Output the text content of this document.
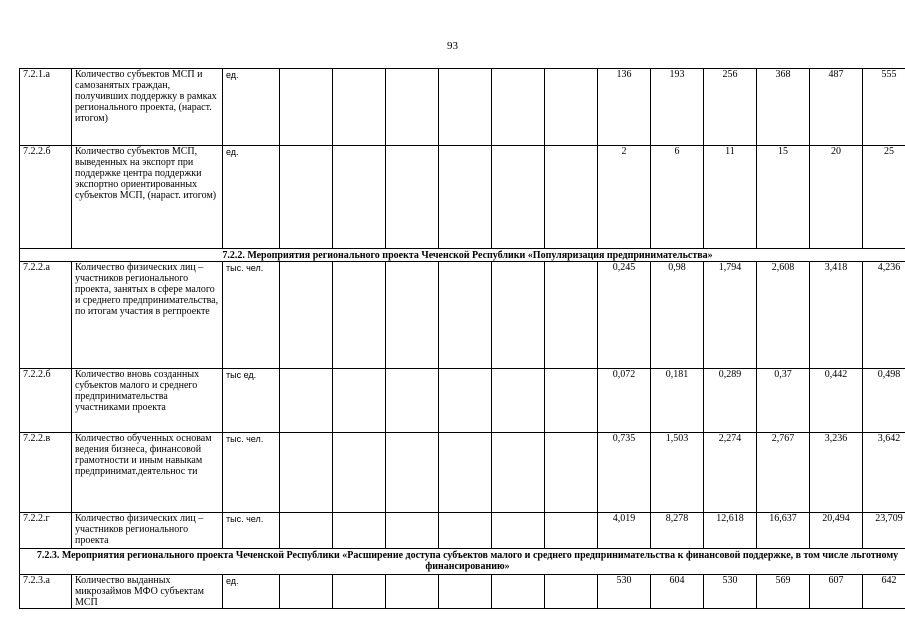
93
7.2.1.а	Количество субъектов МСП и самозанятых граждан, получивших поддержку в рамках регионального проекта, (нараст. итогом)	ед.							136	193	256	368	487	555
7.2.2.б	Количество субъектов МСП, выведенных на экспорт при поддержке центра поддержки экспортно ориентированных субъектов МСП, (нараст. итогом)	ед.							2	6	11	15	20	25
7.2.2. Мероприятия регионального проекта Чеченской Республики «Популяризация предпринимательства»														
7.2.2.а	Количество физических лиц – участников регионального проекта, занятых в сфере малого и среднего предпринимательства, по итогам участия в регпроекте	тыс. чел.							0,245	0,98	1,794	2,608	3,418	4,236
7.2.2.б	Количество вновь созданных субъектов малого и среднего предпринимательства участниками проекта	тыс ед.							0,072	0,181	0,289	0,37	0,442	0,498
7.2.2.в	Количество обученных основам ведения бизнеса, финансовой грамотности и иным навыкам предпринимат.деятельнос ти	тыс. чел.							0,735	1,503	2,274	2,767	3,236	3,642
7.2.2.г	Количество физических лиц – участников регионального проекта	тыс. чел.							4,019	8,278	12,618	16,637	20,494	23,709
7.2.3. Мероприятия регионального проекта Чеченской Республики «Расширение доступа субъектов малого и среднего предпринимательства к финансовой поддержке, в том числе льготному финансированию»														
7.2.3.а	Количество выданных микрозаймов МФО субъектам МСП	ед.							530	604	530	569	607	642
